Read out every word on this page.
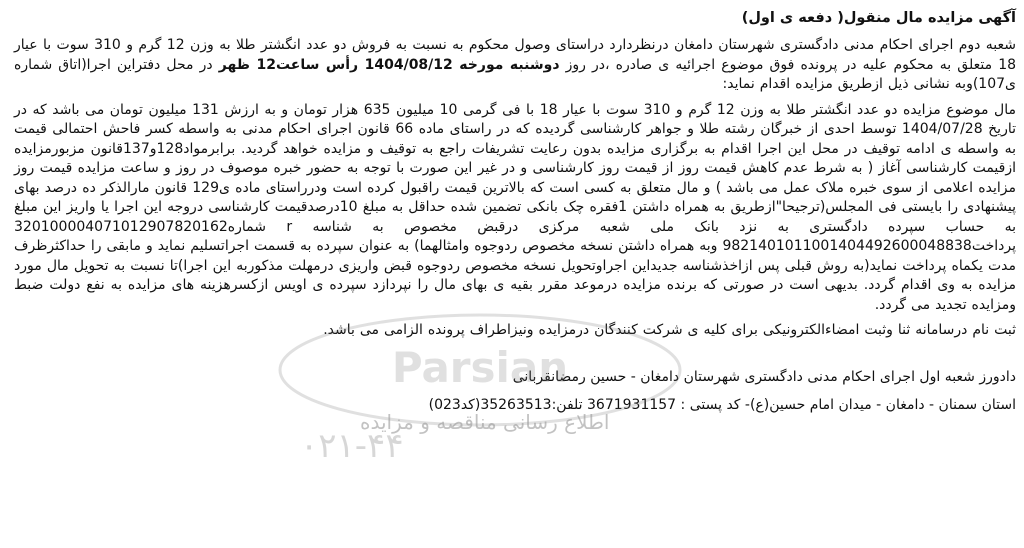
آگهی مزایده مال منقول( دفعه ی اول)

شعبه دوم اجرای احکام مدنی دادگستری شهرستان دامغان درنظردارد دراستای وصول محکوم به نسبت به فروش دو عدد انگشتر طلا به وزن 12 گرم و 310 سوت با عیار 18 متعلق به محکوم علیه در پرونده فوق موضوع اجرائیه ی صادره ،در روز دوشنبه مورخه 1404/08/12 رأس ساعت12 ظهر در محل دفتراین اجرا(اتاق شماره ی107)وبه نشانی ذیل ازطریق مزایده اقدام نماید:

مال موضوع مزایده دو عدد انگشتر طلا به وزن 12 گرم و 310 سوت با عیار 18 با فی گرمی 10 میلیون 635 هزار تومان و به ارزش 131 میلیون تومان می باشد که در تاریخ 1404/07/28 توسط احدی از خبرگان رشته طلا و جواهر کارشناسی گردیده که در راستای ماده 66 قانون اجرای احکام مدنی به واسطه کسر فاحش احتمالی قیمت به واسطه ی ادامه توقیف در محل این اجرا اقدام به برگزاری مزایده بدون رعایت تشریفات راجع به توقیف و مزایده خواهد گردید. برابرمواد128و137قانون مزبورمزایده ازقیمت کارشناسی آغاز ( به شرط عدم کاهش قیمت روز از قیمت روز کارشناسی و در غیر این صورت با توجه به حضور خبره موصوف در روز و ساعت مزایده قیمت روز مزایده اعلامی از سوی خبره ملاک عمل می باشد ) و مال متعلق به کسی است که بالاترین قیمت راقبول کرده است ودرراستای ماده ی129 قانون مارالذکر ده درصد بهای پیشنهادی را بایستی فی المجلس(ترجیحا"ازطریق به همراه داشتن 1فقره چک بانکی تضمین شده حداقل به مبلغ 10درصدقیمت کارشناسی دروجه این اجرا یا واریز این مبلغ به حساب سپرده دادگستری به نزد بانک ملی شعبه مرکزی درقبض مخصوص به شناسه r شماره320100004071012907820162 پرداخت9821401011001404492600048838 وبه همراه داشتن نسخه مخصوص ردوجوه وامثالهما) به عنوان سپرده به قسمت اجراتسلیم نماید و مابقی را حداکثرظرف مدت یکماه پرداخت نماید(به روش قبلی پس ازاخذشناسه جدیداین اجراوتحویل نسخه مخصوص ردوجوه قبض واریزی درمهلت مذکوربه این اجرا)تا نسبت به تحویل مال مورد مزایده به وی اقدام گردد. بدیهی است در صورتی که برنده مزایده درموعد مقرر بقیه ی بهای مال را نپردازد سپرده ی اویس ازکسرهزینه های مزایده به نفع دولت ضبط ومزایده تجدید می گردد.

ثبت نام درسامانه ثنا وثبت امضاءالکترونیکی برای کلیه ی شرکت کنندگان درمزایده ونیزاطراف پرونده الزامی می باشد.

دادورز شعبه اول اجرای احکام مدنی دادگستری شهرستان دامغان - حسین رمضانقربانی

استان سمنان - دامغان - میدان امام حسین(ع)- کد پستی : 3671931157 تلفن:35263513(کد023)

Parsian
اطلاع رسانی مناقصه و مزایده
۰۲۱-۴۴
